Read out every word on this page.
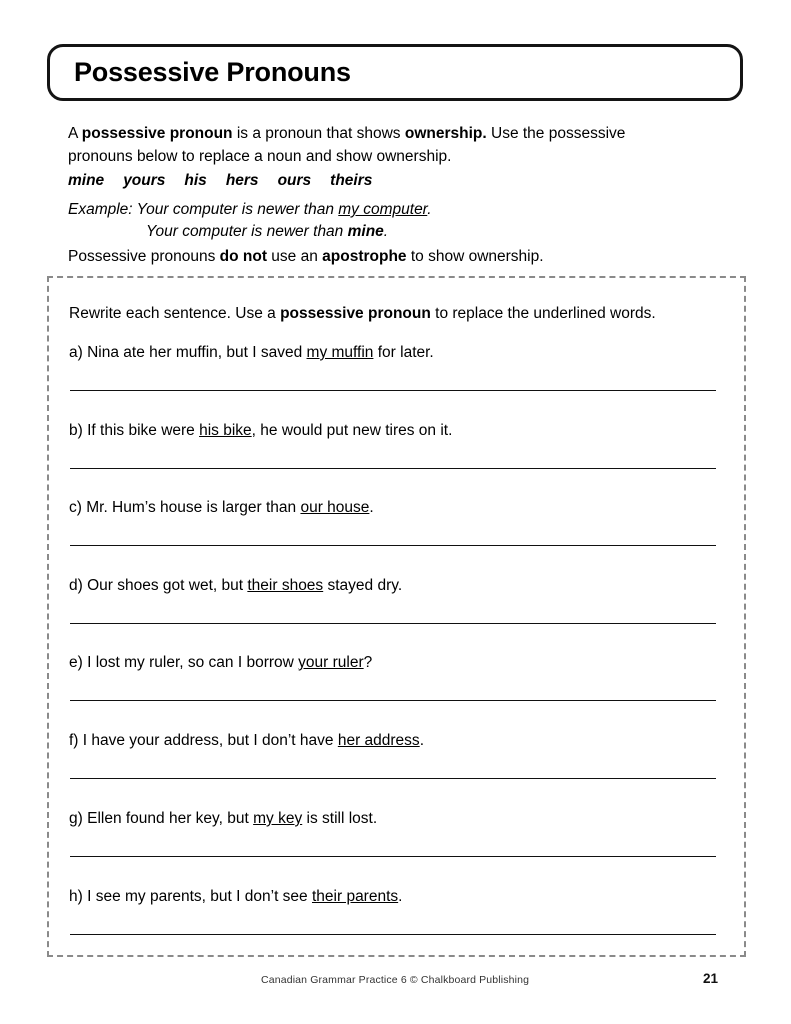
Possessive Pronouns
A possessive pronoun is a pronoun that shows ownership. Use the possessive pronouns below to replace a noun and show ownership.
mine yours his hers ours theirs
Example: Your computer is newer than my computer.
Your computer is newer than mine.
Possessive pronouns do not use an apostrophe to show ownership.
Rewrite each sentence. Use a possessive pronoun to replace the underlined words.
a) Nina ate her muffin, but I saved my muffin for later.
b) If this bike were his bike, he would put new tires on it.
c) Mr. Hum’s house is larger than our house.
d) Our shoes got wet, but their shoes stayed dry.
e) I lost my ruler, so can I borrow your ruler?
f) I have your address, but I don’t have her address.
g) Ellen found her key, but my key is still lost.
h) I see my parents, but I don’t see their parents.
Canadian Grammar Practice 6 © Chalkboard Publishing	21
